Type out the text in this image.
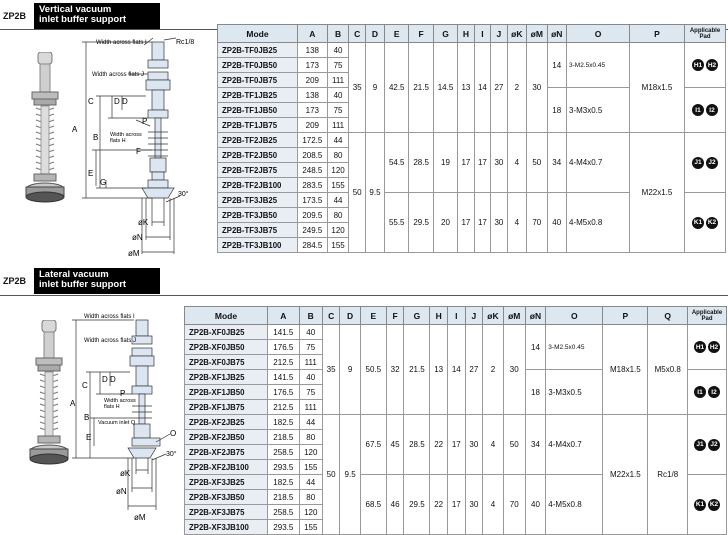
ZP2B
Vertical vacuum
inlet buffer support
Width across flats I	Rc1/8
Width across flats J
Width across
flats H
A
B
C	D D
E
F
G
P
30°
øK
øN
øM
Mode	A	B	C	D	E	F	G	H	I	J	øK	øM	øN	O	P	Applicable Pad
ZP2B-TF0JB25	138	40	35	9	42.5	21.5	14.5	13	14	27	2	30	14	3-M2.5x0.45	M18x1.5	H1 H2
ZP2B-TF0JB50	173	75														
ZP2B-TF0JB75	209	111														
ZP2B-TF1JB25	138	40											18	3-M3x0.5		I1 I2
ZP2B-TF1JB50	173	75														
ZP2B-TF1JB75	209	111														
ZP2B-TF2JB25	172.5	44	50	9.5	54.5	28.5	19	17	17	30	4	50	34	4-M4x0.7	M22x1.5	J1 J2
ZP2B-TF2JB50	208.5	80														
ZP2B-TF2JB75	248.5	120														
ZP2B-TF2JB100	283.5	155														
ZP2B-TF3JB25	173.5	44			55.5	29.5	20	17	17	30	4	70	40	4-M5x0.8		K1 K2
ZP2B-TF3JB50	209.5	80														
ZP2B-TF3JB75	249.5	120														
ZP2B-TF3JB100	284.5	155														
ZP2B
Lateral vacuum
inlet buffer support
Width across flats I
Width across flats J
Width across
flats H
Vacuum inlet Q
A
B
C
D D
E
P
O
30°
øK
øN
øM
Mode	A	B	C	D	E	F	G	H	I	J	øK	øM	øN	O	P	Q	Applicable Pad
ZP2B-XF0JB25	141.5	40	35	9	50.5	32	21.5	13	14	27	2	30	14	3-M2.5x0.45	M18x1.5	M5x0.8	H1 H2
ZP2B-XF0JB50	176.5	75															
ZP2B-XF0JB75	212.5	111															
ZP2B-XF1JB25	141.5	40											18	3-M3x0.5			I1 I2
ZP2B-XF1JB50	176.5	75															
ZP2B-XF1JB75	212.5	111															
ZP2B-XF2JB25	182.5	44	50	9.5	67.5	45	28.5	22	17	30	4	50	34	4-M4x0.7	M22x1.5	Rc1/8	J1 J2
ZP2B-XF2JB50	218.5	80															
ZP2B-XF2JB75	258.5	120															
ZP2B-XF2JB100	293.5	155															
ZP2B-XF3JB25	182.5	44			68.5	46	29.5	22	17	30	4	70	40	4-M5x0.8			K1 K2
ZP2B-XF3JB50	218.5	80															
ZP2B-XF3JB75	258.5	120															
ZP2B-XF3JB100	293.5	155															
